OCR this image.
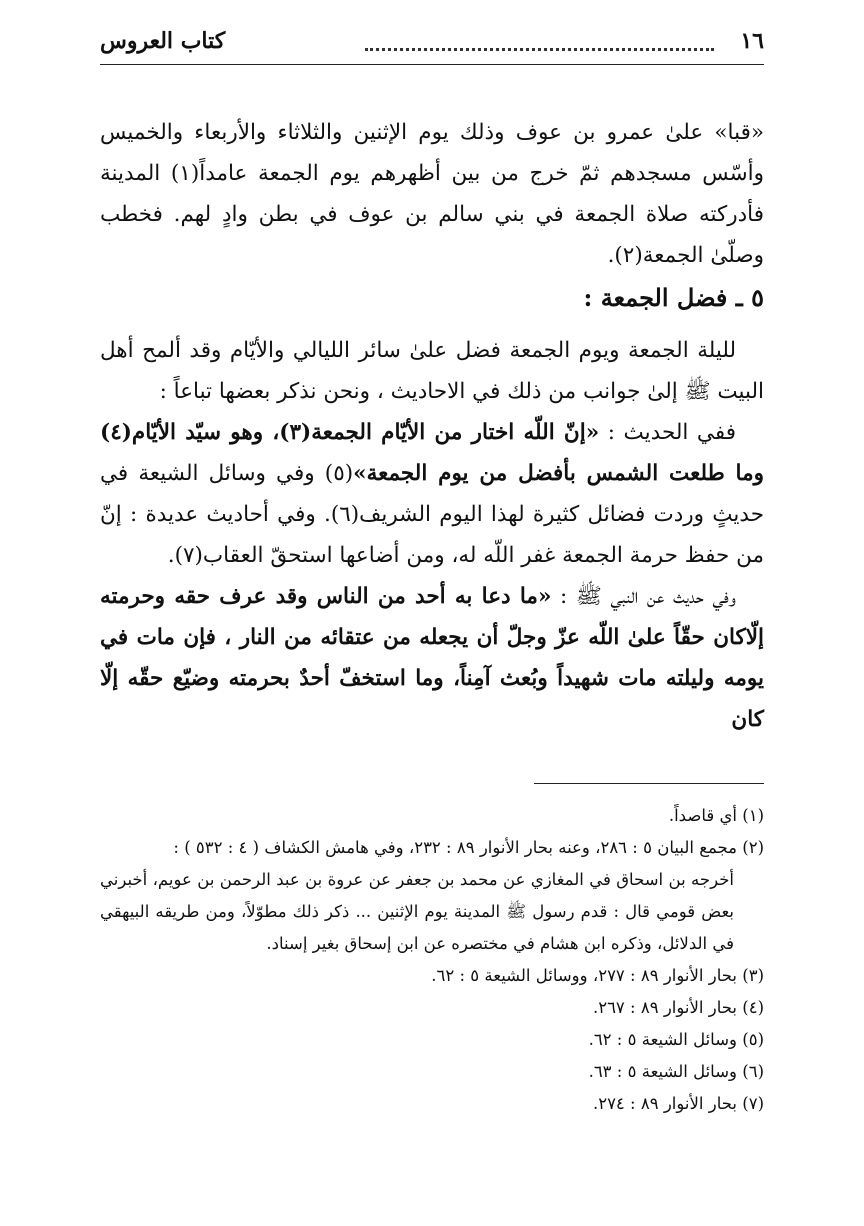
١٦
كتاب العروس

«قبا» علىٰ عمرو بن عوف وذلك يوم الإثنين والثلاثاء والأربعاء والخميس وأسّس مسجدهم ثمّ خرج من بين أظهرهم يوم الجمعة عامداً(١) المدينة فأدركته صلاة الجمعة في بني سالم بن عوف في بطن وادٍ لهم. فخطب وصلّىٰ الجمعة(٢).

٥ ـ فضل الجمعة :

لليلة الجمعة ويوم الجمعة فضل علىٰ سائر الليالي والأيّام وقد ألمح أهل البيت ﷺ إلىٰ جوانب من ذلك في الاحاديث ، ونحن نذكر بعضها تباعاً :

ففي الحديث : «إنّ اللّه اختار من الأيّام الجمعة(٣)، وهو سيّد الأيّام(٤) وما طلعت الشمس بأفضل من يوم الجمعة»(٥) وفي وسائل الشيعة في حديثٍ وردت فضائل كثيرة لهذا اليوم الشريف(٦). وفي أحاديث عديدة : إنّ من حفظ حرمة الجمعة غفر اللّه له، ومن أضاعها استحقّ العقاب(٧).

وفي حديث عن النبي ﷺ : «ما دعا به أحد من الناس وقد عرف حقه وحرمته إلّاكان حقّاً علىٰ اللّه عزّ وجلّ أن يجعله من عتقائه من النار ، فإن مات في يومه وليلته مات شهيداً وبُعث آمِناً، وما استخفّ أحدٌ بحرمته وضيّع حقّه إلّا كان

(١) أي قاصداً.

(٢) مجمع البيان ٥ : ٢٨٦، وعنه بحار الأنوار ٨٩ : ٢٣٢، وفي هامش الكشاف ( ٤ : ٥٣٢ ) :

أخرجه بن اسحاق في المغازي عن محمد بن جعفر عن عروة بن عبد الرحمن بن عويم، أخبرني بعض قومي قال : قدم رسول ﷺ المدينة يوم الإثنين ... ذكر ذلك مطوّلاً، ومن طريقه البيهقي في الدلائل، وذكره ابن هشام في مختصره عن ابن إسحاق بغير إسناد.

(٣) بحار الأنوار ٨٩ : ٢٧٧، ووسائل الشيعة ٥ : ٦٢.

(٤) بحار الأنوار ٨٩ : ٢٦٧.

(٥) وسائل الشيعة ٥ : ٦٢.

(٦) وسائل الشيعة ٥ : ٦٣.

(٧) بحار الأنوار ٨٩ : ٢٧٤.
